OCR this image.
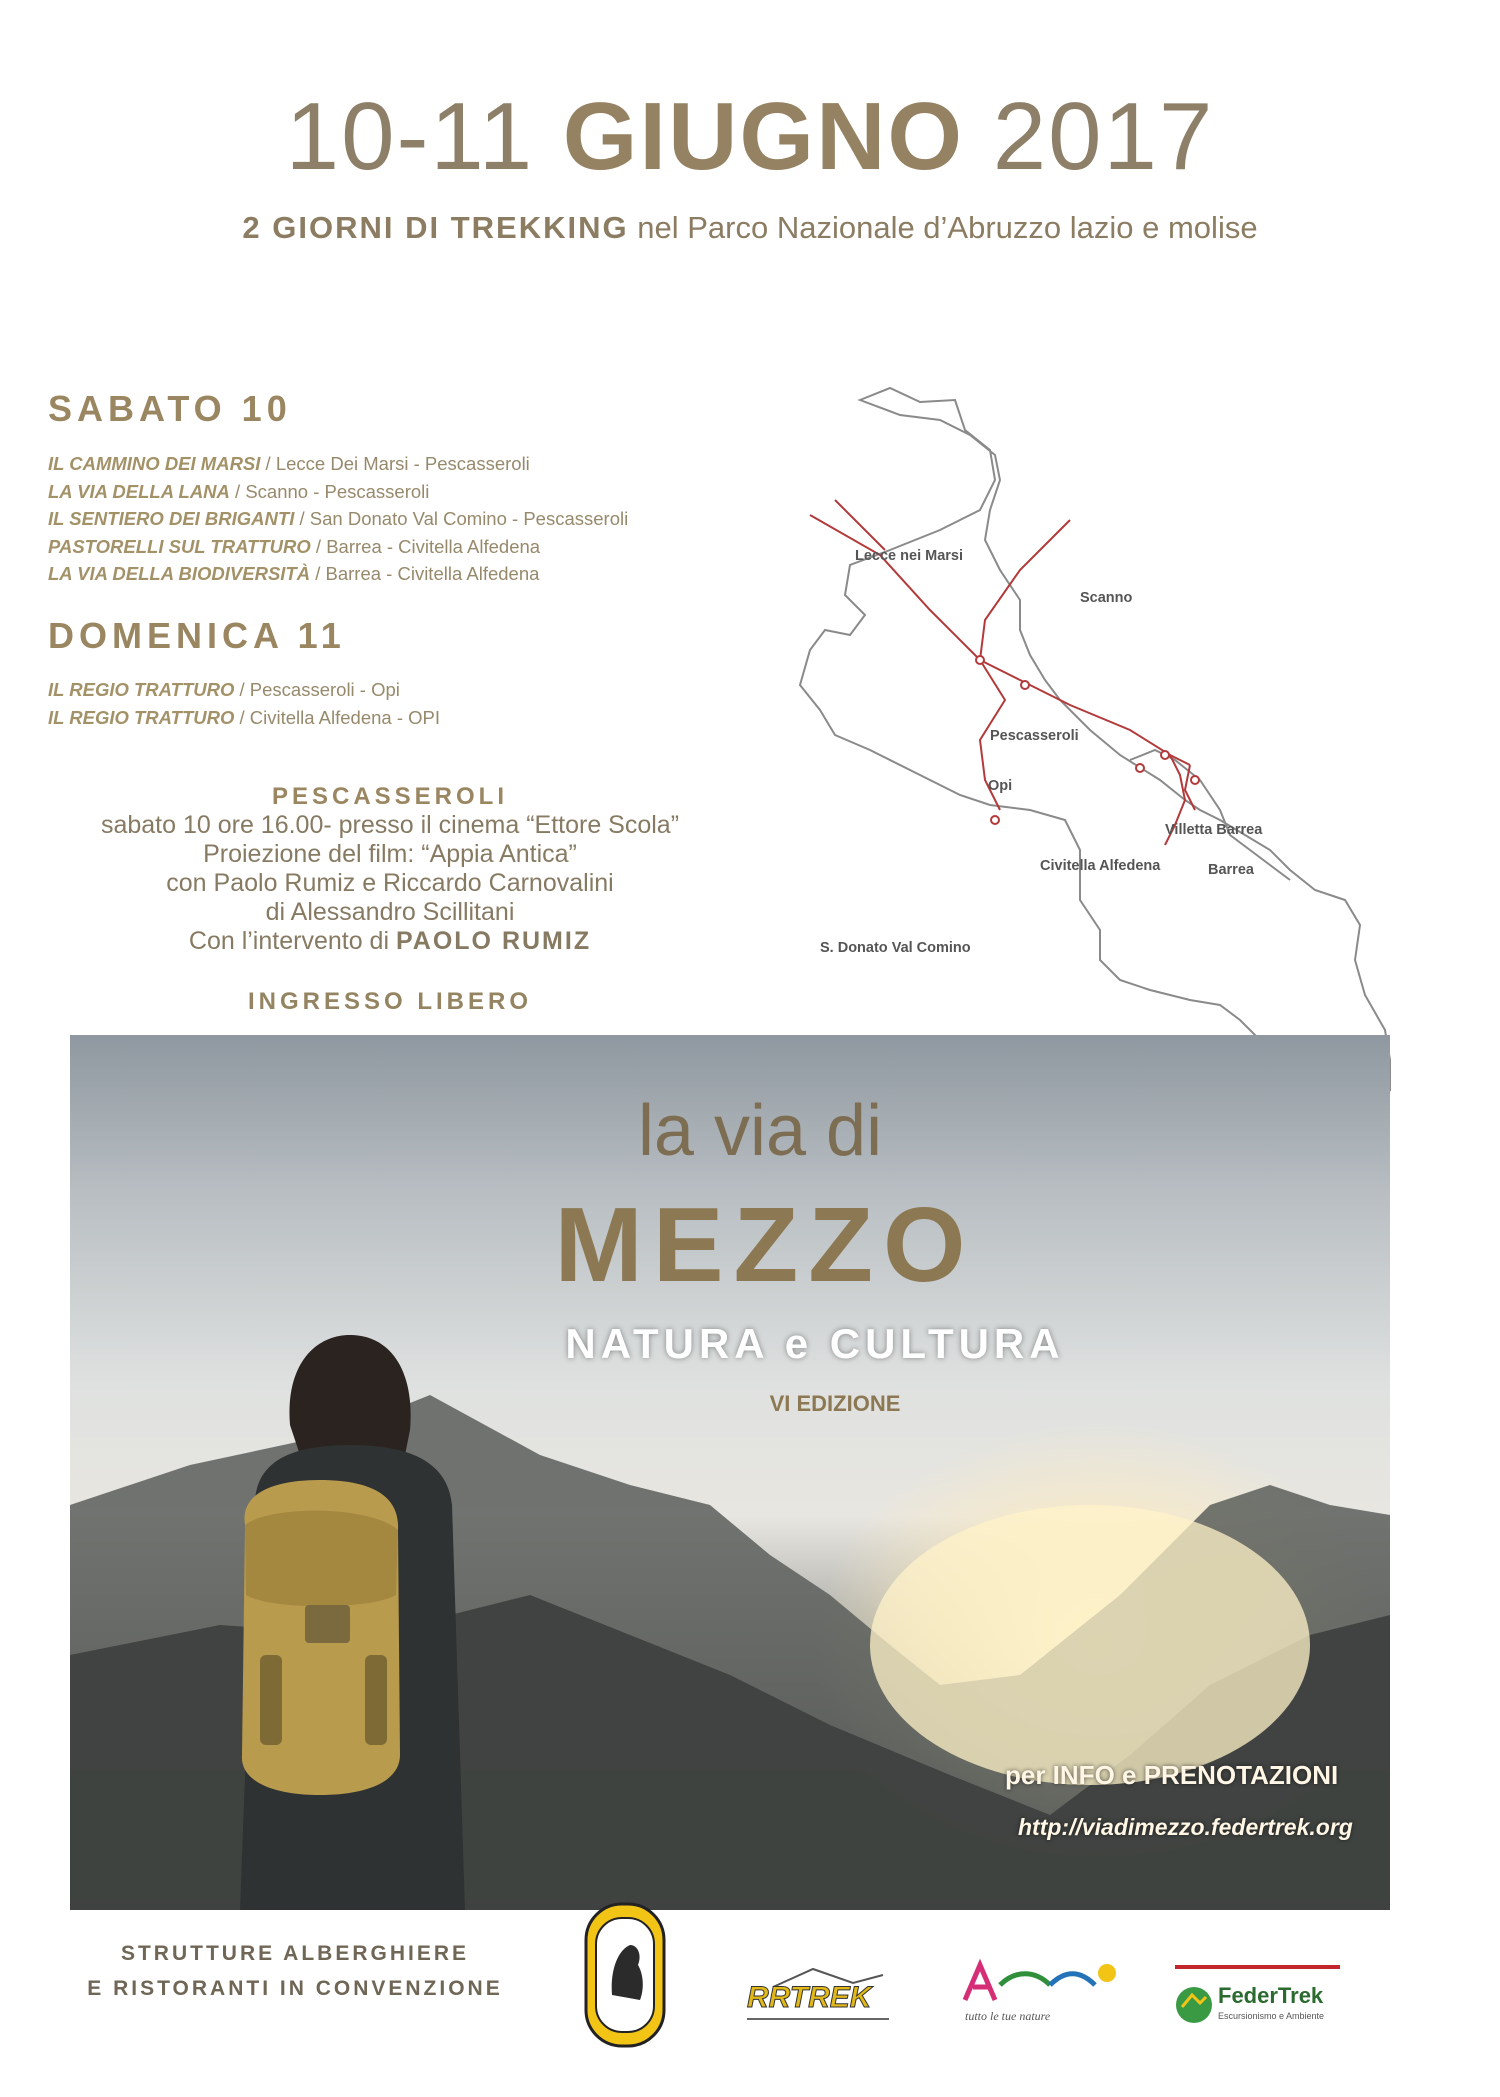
10-11 GIUGNO 2017
2 GIORNI DI TREKKING nel Parco Nazionale d’Abruzzo lazio e molise
SABATO 10
IL CAMMINO DEI MARSI / Lecce Dei Marsi - Pescasseroli
LA VIA DELLA LANA / Scanno - Pescasseroli
IL SENTIERO DEI BRIGANTI / San Donato Val Comino - Pescasseroli
PASTORELLI SUL TRATTURO / Barrea - Civitella Alfedena
LA VIA DELLA BIODIVERSITÀ / Barrea - Civitella Alfedena
DOMENICA 11
IL REGIO TRATTURO / Pescasseroli - Opi
IL REGIO TRATTURO / Civitella Alfedena - OPI
PESCASSEROLI
sabato 10 ore 16.00- presso il cinema “Ettore Scola”
Proiezione del film: “Appia Antica”
con Paolo Rumiz e Riccardo Carnovalini
di Alessandro Scillitani
Con l’intervento di PAOLO RUMIZ
INGRESSO LIBERO
Lecce nei Marsi
Scanno
Pescasseroli
Opi
Villetta Barrea
Barrea
Civitella Alfedena
S. Donato Val Comino
la via di
MEZZO
NATURA e CULTURA
VI EDIZIONE
per INFO e PRENOTAZIONI
http://viadimezzo.federtrek.org
STRUTTURE ALBERGHIERE
E RISTORANTI IN CONVENZIONE	RRTREK
tutto le tue nature
FederTrek
Escursionismo e Ambiente
